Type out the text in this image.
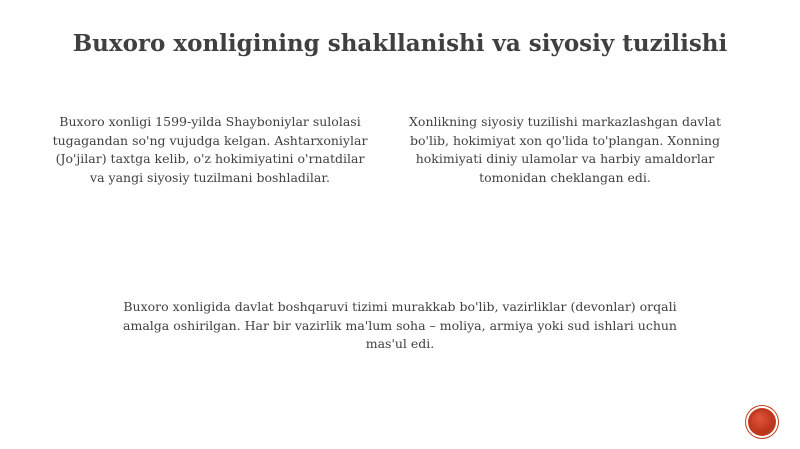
Buxoro xonligining shakllanishi va siyosiy tuzilishi
Buxoro xonligi 1599-yilda Shayboniylar sulolasi tugagandan so'ng vujudga kelgan. Ashtarxoniylar (Jo'jilar) taxtga kelib, o'z hokimiyatini o'rnatdilar va yangi siyosiy tuzilmani boshladilar.
Xonlikning siyosiy tuzilishi markazlashgan davlat bo'lib, hokimiyat xon qo'lida to'plangan. Xonning hokimiyati diniy ulamolar va harbiy amaldorlar tomonidan cheklangan edi.
Buxoro xonligida davlat boshqaruvi tizimi murakkab bo'lib, vazirliklar (devonlar) orqali amalga oshirilgan. Har bir vazirlik ma'lum soha – moliya, armiya yoki sud ishlari uchun mas'ul edi.
